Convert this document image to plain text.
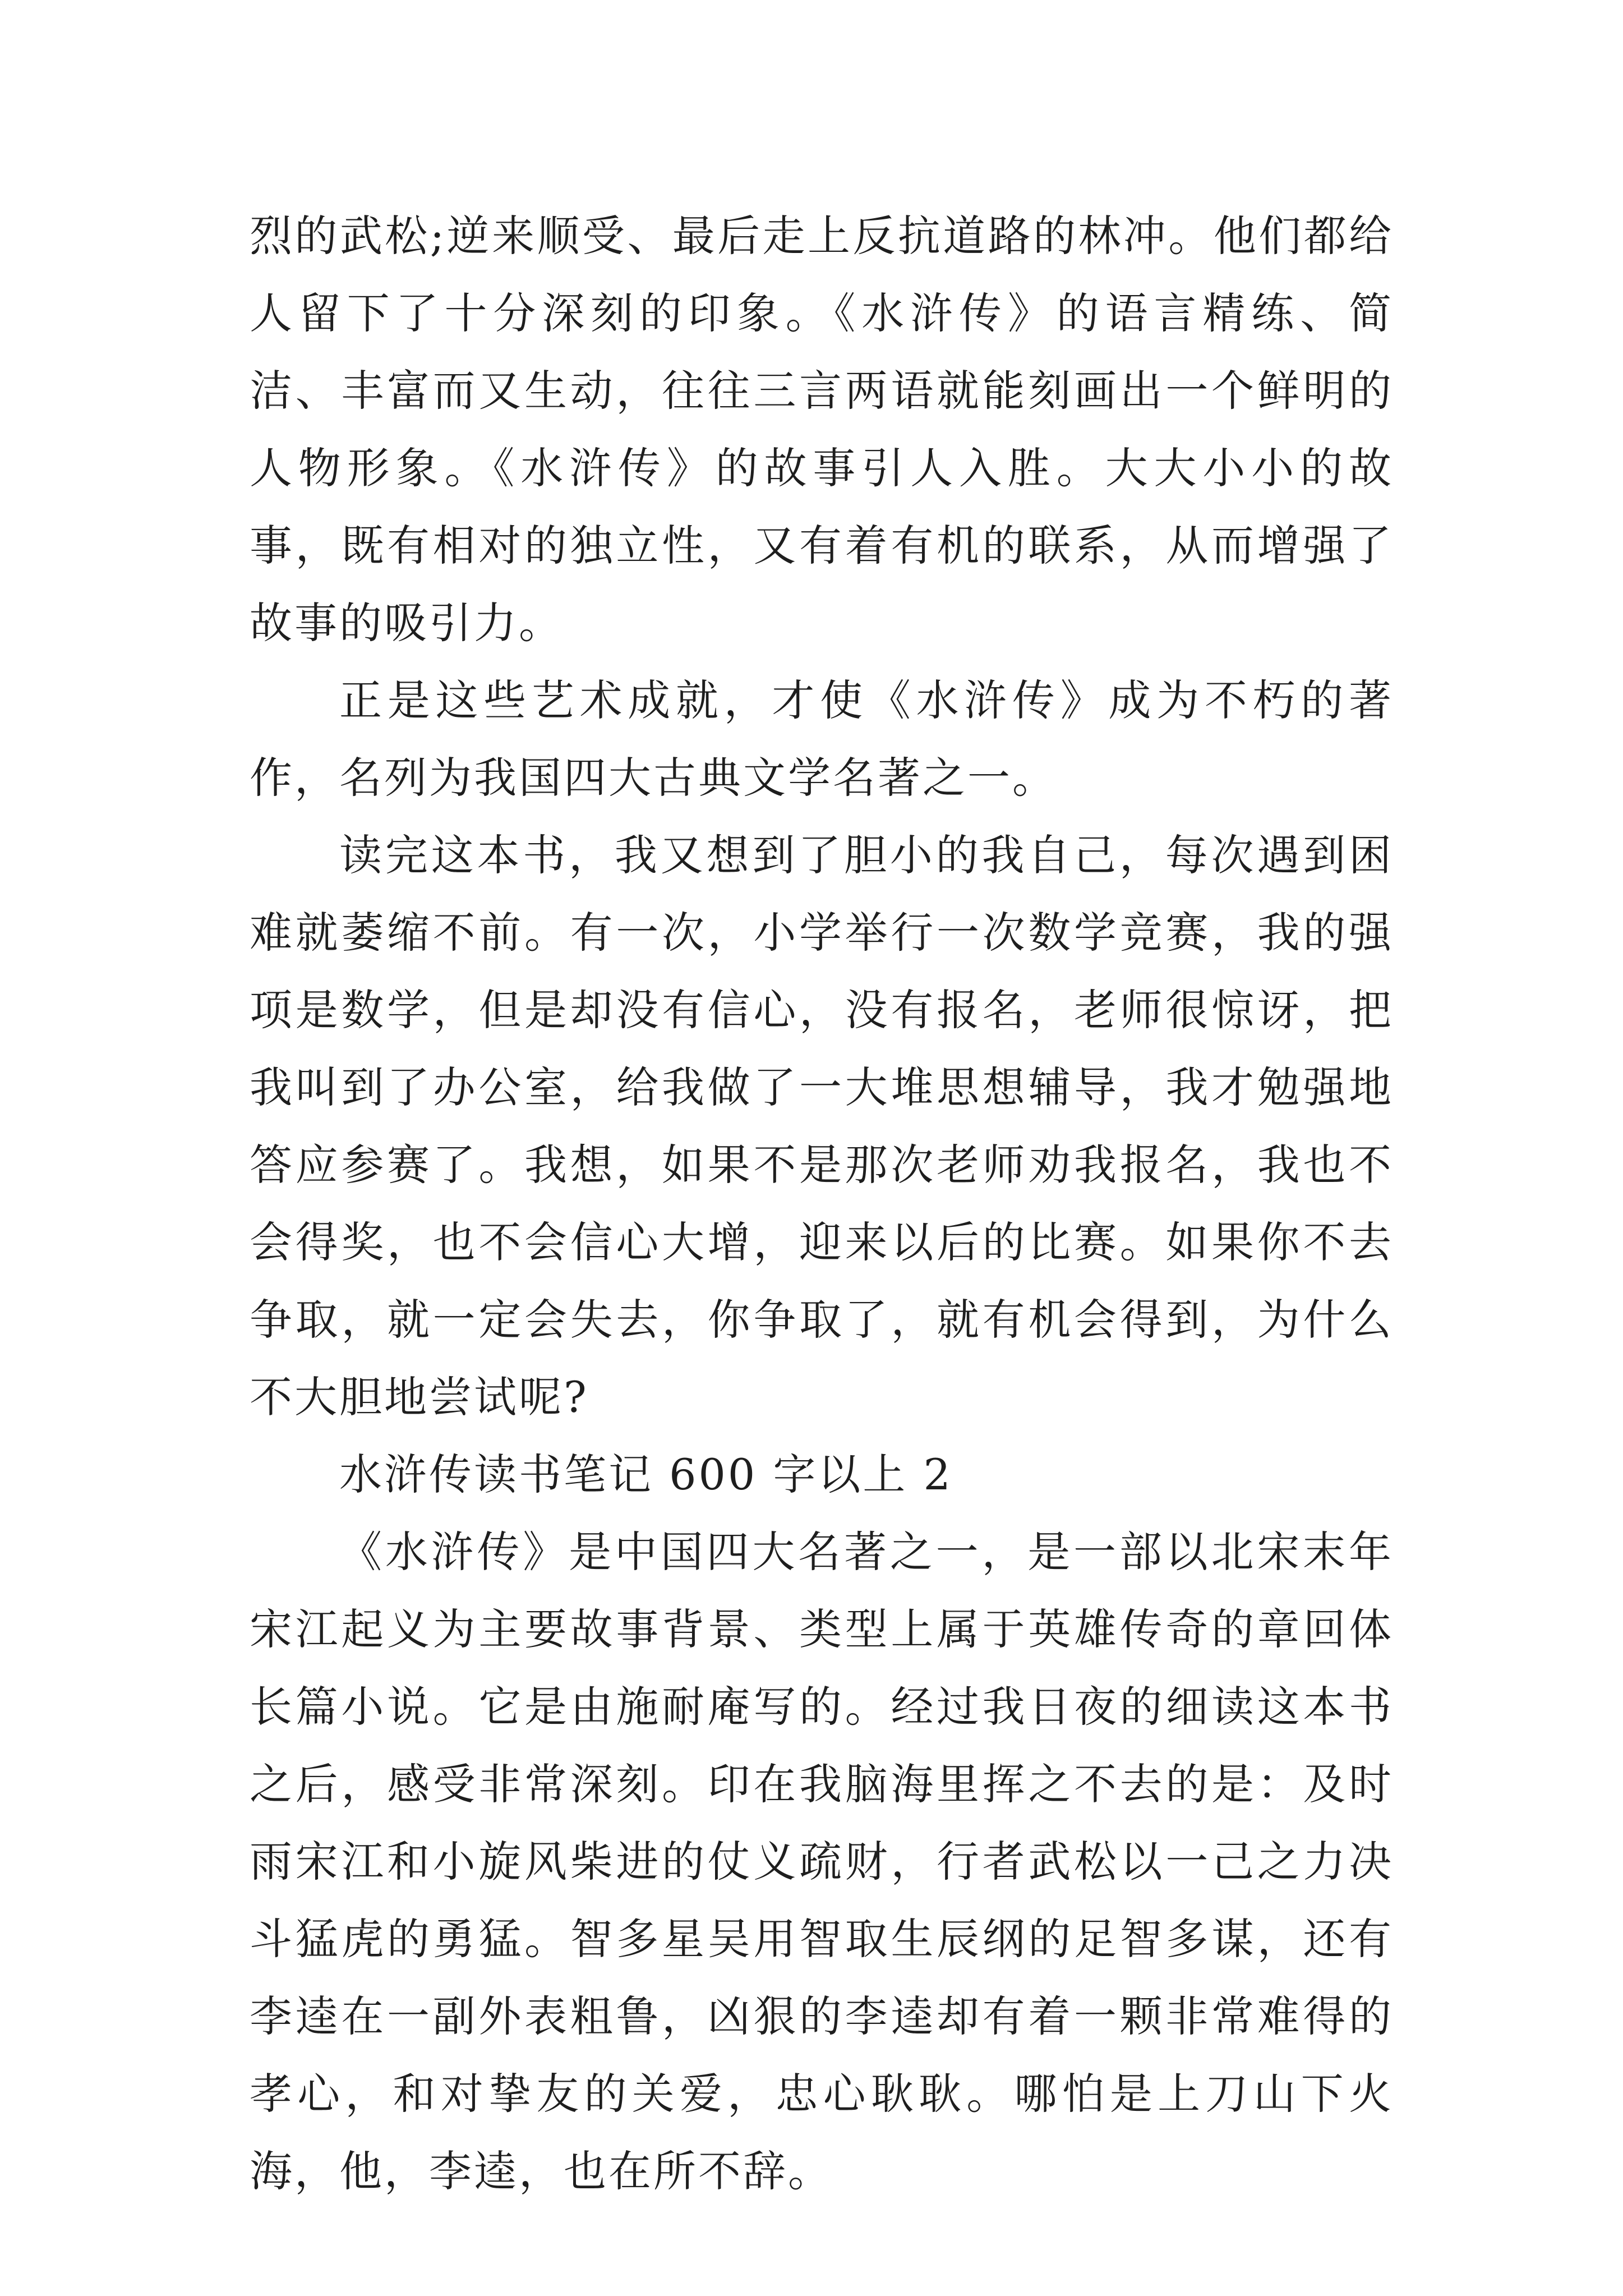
烈的武松;逆来顺受、最后走上反抗道路的林冲。他们都给人留下了十分深刻的印象。《水浒传》的语言精练、简洁、丰富而又生动，往往三言两语就能刻画出一个鲜明的人物形象。《水浒传》的故事引人入胜。大大小小的故事，既有相对的独立性，又有着有机的联系，从而增强了故事的吸引力。

正是这些艺术成就，才使《水浒传》成为不朽的著作，名列为我国四大古典文学名著之一。

读完这本书，我又想到了胆小的我自己，每次遇到困难就萎缩不前。有一次，小学举行一次数学竞赛，我的强项是数学，但是却没有信心，没有报名，老师很惊讶，把我叫到了办公室，给我做了一大堆思想辅导，我才勉强地答应参赛了。我想，如果不是那次老师劝我报名，我也不会得奖，也不会信心大增，迎来以后的比赛。如果你不去争取，就一定会失去，你争取了，就有机会得到，为什么不大胆地尝试呢?

水浒传读书笔记 600 字以上 2

《水浒传》是中国四大名著之一，是一部以北宋末年宋江起义为主要故事背景、类型上属于英雄传奇的章回体长篇小说。它是由施耐庵写的。经过我日夜的细读这本书之后，感受非常深刻。印在我脑海里挥之不去的是：及时雨宋江和小旋风柴进的仗义疏财，行者武松以一己之力决斗猛虎的勇猛。智多星吴用智取生辰纲的足智多谋，还有李逵在一副外表粗鲁，凶狠的李逵却有着一颗非常难得的孝心，和对挚友的关爱，忠心耿耿。哪怕是上刀山下火海，他，李逵，也在所不辞。
